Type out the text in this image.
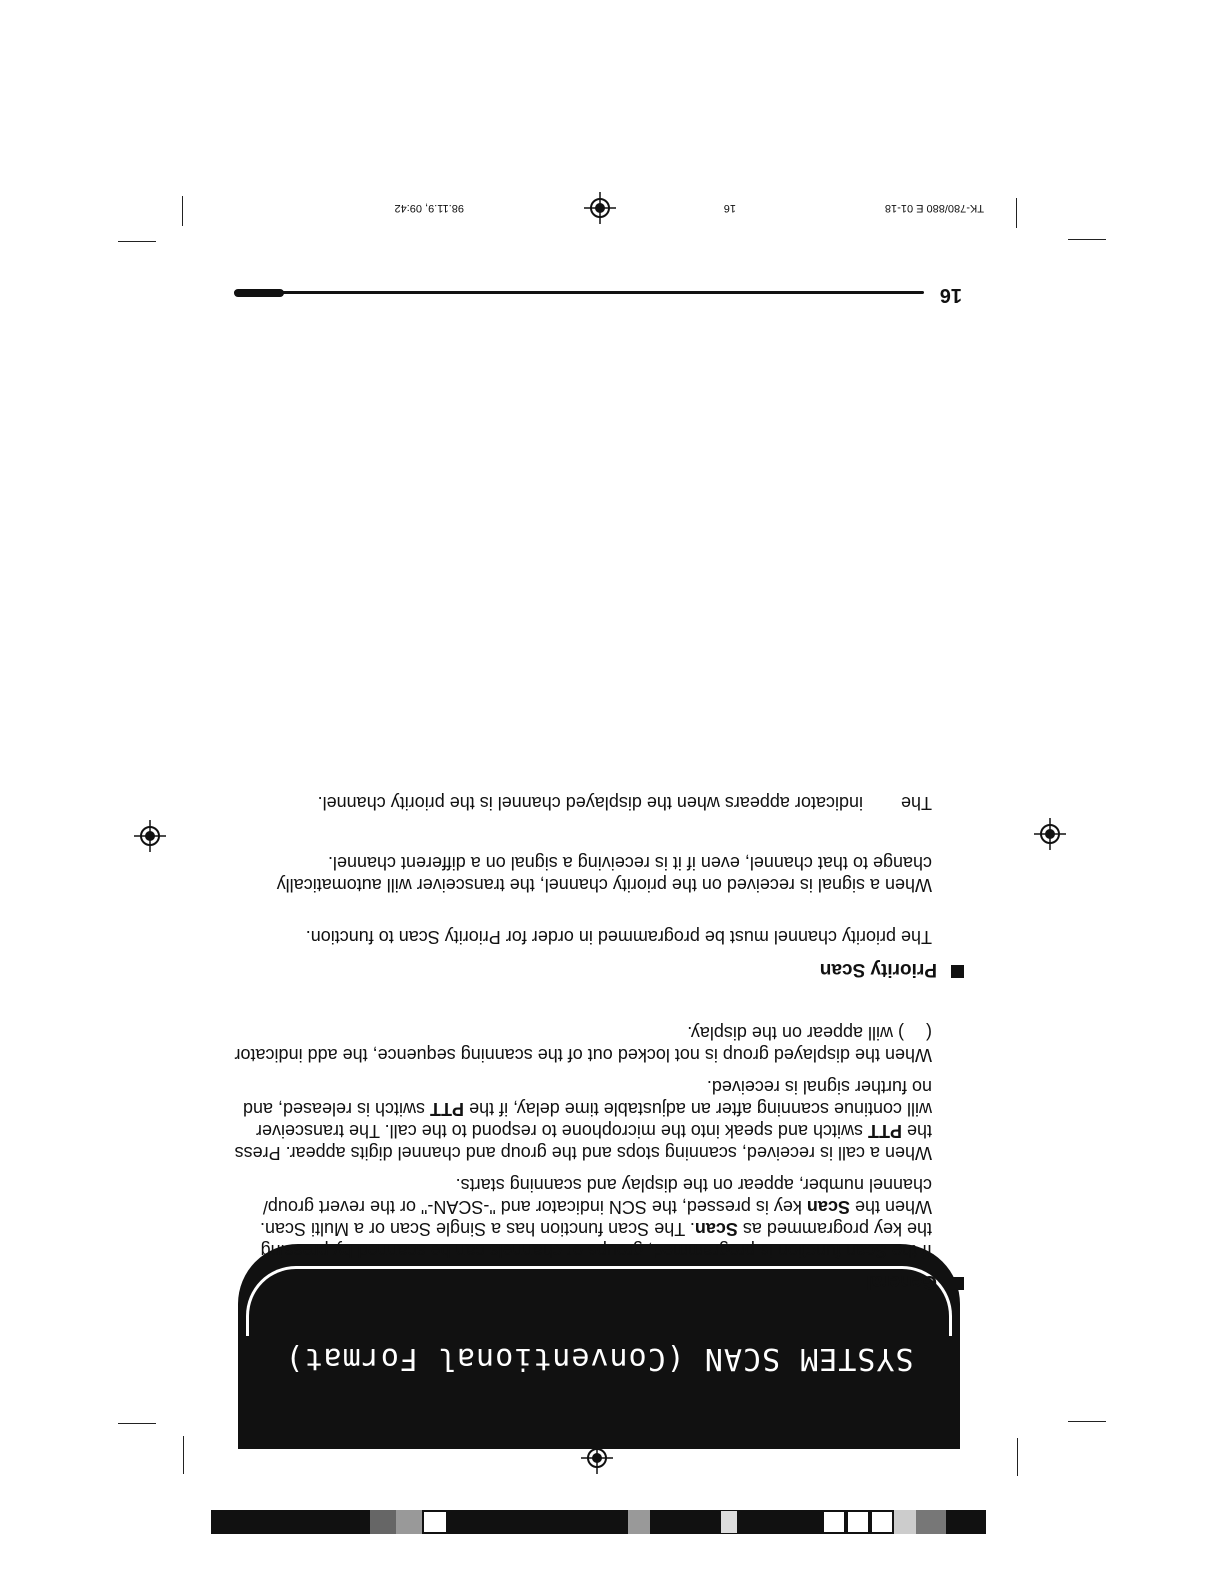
SYSTEM SCAN (Conventional Format)
General
If the Scan function is programmed, groups or channels can be scanned by pressing the key programmed as Scan. The Scan function has a Single Scan or a Multi Scan. When the Scan key is pressed, the SCN indicator and "-SCAN-" or the revert group/ channel number, appear on the display and scanning starts.
When a call is received, scanning stops and the group and channel digits appear. Press the PTT switch and speak into the microphone to respond to the call. The transceiver will continue scanning after an adjustable time delay, if the PTT switch is released, and no further signal is received.
When the displayed group is not locked out of the scanning sequence, the add indicator () will appear on the display.
Priority Scan
The priority channel must be programmed in order for Priority Scan to function.
When a signal is received on the priority channel, the transceiver will automatically change to that channel, even if it is receiving a signal on a different channel.
Theindicator appears when the displayed channel is the priority channel.
16
TK-780/880 E 01-18
16
98.11.9, 09:42
